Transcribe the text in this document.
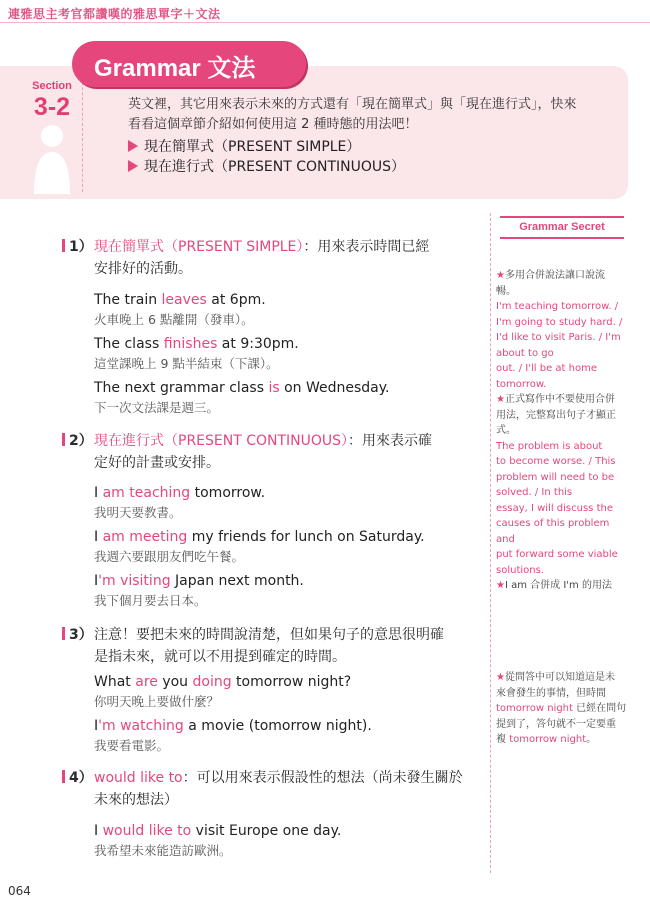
連雅思主考官都讚嘆的雅思單字＋文法
Section
3-2
Grammar 文法

英文裡，其它用來表示未來的方式還有「現在簡單式」與「現在進行式」，快來

看看這個章節介紹如何使用這 2 種時態的用法吧！

現在簡單式（PRESENT SIMPLE）
現在進行式（PRESENT CONTINUOUS）
1） 現在簡單式（PRESENT SIMPLE）：用來表示時間已經
安排好的活動。
The train leaves at 6pm.
火車晚上 6 點離開（發車）。
The class finishes at 9:30pm.
這堂課晚上 9 點半結束（下課）。
The next grammar class is on Wednesday.
下一次文法課是週三。
2） 現在進行式（PRESENT CONTINUOUS）：用來表示確
定好的計畫或安排。
I am teaching tomorrow.
我明天要教書。
I am meeting my friends for lunch on Saturday.
我週六要跟朋友們吃午餐。
I'm visiting Japan next month.
我下個月要去日本。
3） 注意！要把未來的時間說清楚，但如果句子的意思很明確
是指未來，就可以不用提到確定的時間。
What are you doing tomorrow night?
你明天晚上要做什麼？
I'm watching a movie (tomorrow night).
我要看電影。
4） would like to：可以用來表示假設性的想法（尚未發生關於
未來的想法）
I would like to visit Europe one day.
我希望未來能造訪歐洲。
Grammar Secret
★多用合併說法讓口說流
暢。
I'm teaching tomorrow. /
I'm going to study hard. /
I'd like to visit Paris. / I'm
about to go
out. / I'll be at home
tomorrow.
★正式寫作中不要使用合併
用法，完整寫出句子才顯正
式。
The problem is about
to become worse. / This
problem will need to be
solved. / In this
essay, I will discuss the
causes of this problem and
put forward some viable
solutions.
★I am 合併成 I'm 的用法
★從問答中可以知道這是未
來會發生的事情，但時間
tomorrow night 已經在問句
提到了，答句就不一定要重
複 tomorrow night。
064
